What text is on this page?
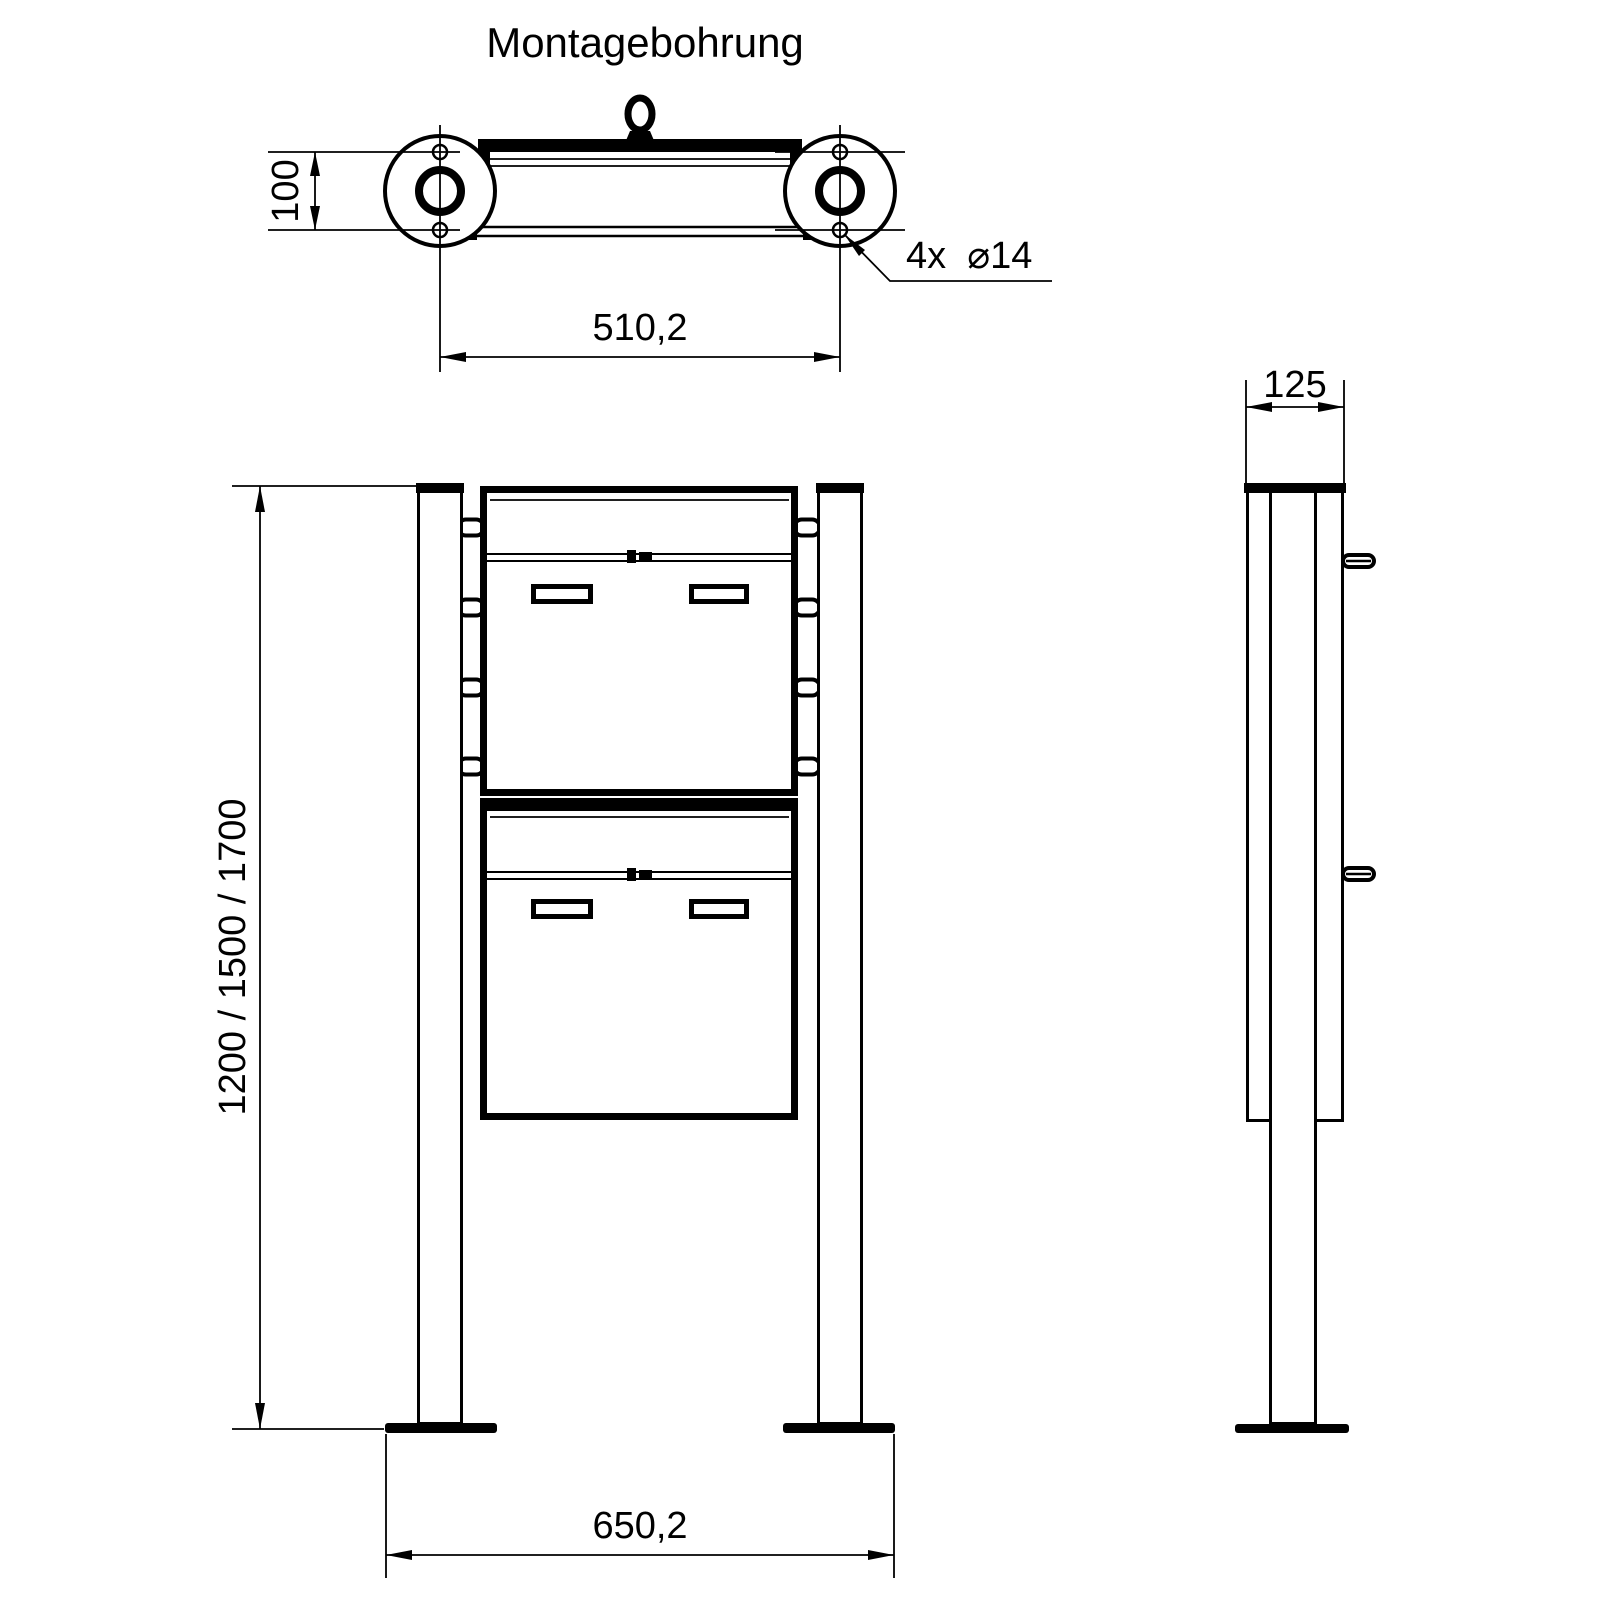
Montagebohrung
100
510,2
4x  ⌀14
1200 / 1500 / 1700
650,2
125
